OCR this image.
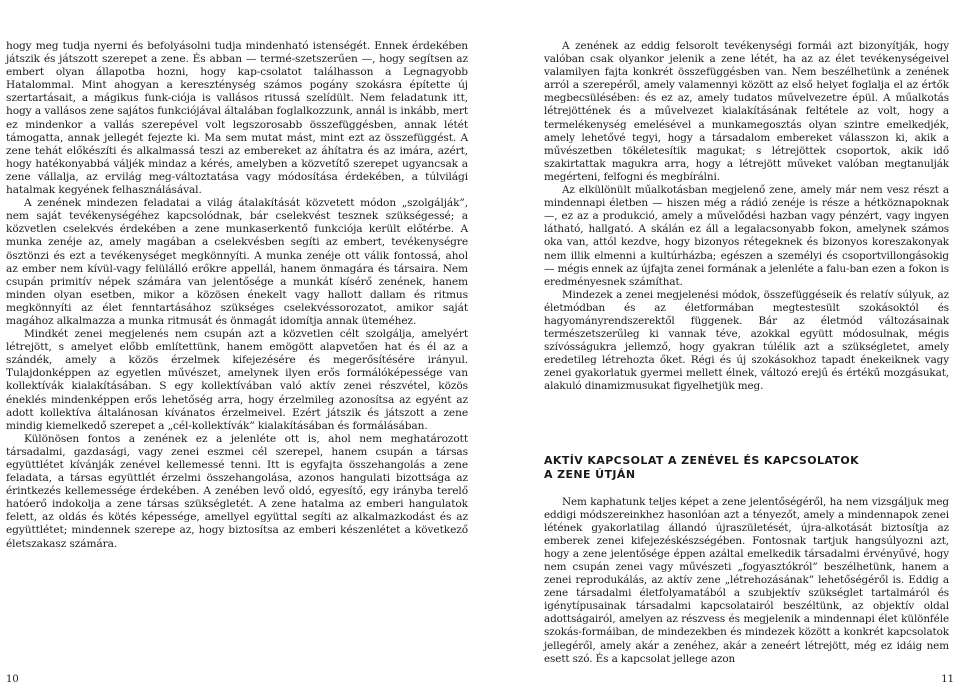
hogy meg tudja nyerni és befolyásolni tudja mindenható istenségét. Ennek érdekében játszik és játszott szerepet a zene. És abban — termé-szetszerűen —, hogy segítsen az embert olyan állapotba hozni, hogy kap-csolatot találhasson a Legnagyobb Hatalommal. Mint ahogyan a kereszténység számos pogány szokásra építette új szertartásait, a mágikus funk-ciója is vallásos ritussá szelídült. Nem feladatunk itt, hogy a vallásos zene sajátos funkciójával általában foglalkozzunk, annál is inkább, mert ez mindenkor a vallás szerepével volt legszorosabb összefüggésben, annak létét támogatta, annak jellegét fejezte ki. Ma sem mutat mást, mint ezt az összefüggést. A zene tehát előkészíti és alkalmassá teszi az embereket az áhítatra és az imára, azért, hogy hatékonyabbá váljék mindaz a kérés, amelyben a közvetítő szerepet ugyancsak a zene vállalja, az ervilág meg-változtatása vagy módosítása érdekében, a túlvilági hatalmak kegyének felhasználásával.

A zenének mindezen feladatai a világ átalakítását közvetett módon „szolgálják”, nem saját tevékenységéhez kapcsolódnak, bár cselekvést tesznek szükségessé; a közvetlen cselekvés érdekében a zene munkaserkentő funkciója került előtérbe. A munka zenéje az, amely magában a cselekvésben segíti az embert, tevékenységre ösztönzi és ezt a tevékenységet megkönnyíti. A munka zenéje ott válik fontossá, ahol az ember nem kívül-vagy felülálló erőkre appellál, hanem önmagára és társaira. Nem csupán primitív népek számára van jelentősége a munkát kísérő zenének, hanem minden olyan esetben, mikor a közösen énekelt vagy hallott dallam és ritmus megkönnyíti az élet fenntartásához szükséges cselekvéssorozatot, amikor saját magához alkalmazza a munka ritmusát és önmagát idomítja annak üteméhez.

Mindkét zenei megjelenés nem csupán azt a közvetlen célt szolgálja, amelyért létrejött, s amelyet előbb említettünk, hanem emögött alapvetően hat és él az a szándék, amely a közös érzelmek kifejezésére és megerősítésére irányul. Tulajdonképpen az egyetlen művészet, amelynek ilyen erős formálóképessége van kollektívák kialakításában. S egy kollektívában való aktív zenei részvétel, közös éneklés mindenképpen erős lehetőség arra, hogy érzelmileg azonosítsa az egyént az adott kollektíva általánosan kívánatos érzelmeivel. Ezért játszik és játszott a zene mindig kiemelkedő szerepet a „cél-kollektívák” kialakításában és formálásában.

Különösen fontos a zenének ez a jelenléte ott is, ahol nem meghatározott társadalmi, gazdasági, vagy zenei eszmei cél szerepel, hanem csupán a társas együttlétet kívánják zenével kellemessé tenni. Itt is egyfajta összehangolás a zene feladata, a társas együttlét érzelmi összehangolása, azonos hangulati bizottsága az érintkezés kellemessége érdekében. A zenében levő oldó, egyesítő, egy irányba terelő hatóerő indokolja a zene társas szükségletét. A zene hatalma az emberi hangulatok felett, az oldás és kötés képessége, amellyel együttal segíti az alkalmazkodást és az együttlétet; mindennek szerepe az, hogy biztosítsa az emberi készenlétet a következő életszakasz számára.

10

A zenének az eddig felsorolt tevékenységi formái azt bizonyítják, hogy valóban csak olyankor jelenik a zene létét, ha az az élet tevékenységeivel valamilyen fajta konkrét összefüggésben van. Nem beszélhetünk a zenének arról a szerepéről, amely valamennyi között az első helyet foglalja el az értők megbecsülésében: és ez az, amely tudatos művelvezetre épül. A műalkotás létrejöttének és a művelvezet kialakításának feltétele az volt, hogy a termelékenység emelésével a munkamegosztás olyan szintre emelkedjék, amely lehetővé tegyi, hogy a társadalom embereket válasszon ki, akik a művészetben tökéletesítik magukat; s létrejöttek csoportok, akik idő szakirtattak magukra arra, hogy a létrejött műveket valóban megtanulják megérteni, felfogni és megbírálni.

Az elkülönült műalkotásban megjelenő zene, amely már nem vesz részt a mindennapi életben — hiszen még a rádió zenéje is része a hétköznapoknak —, ez az a produkció, amely a művelődési hazban vagy pénzért, vagy ingyen látható, hallgató. A skálán ez áll a legalacsonyabb fokon, amelynek számos oka van, attól kezdve, hogy bizonyos rétegeknek és bizonyos koreszakonyak nem illik elmenni a kultúrházba; egészen a személyi és csoportvillongásokig — mégis ennek az újfajta zenei formának a jelenléte a falu-ban ezen a fokon is eredményesnek számíthat.

Mindezek a zenei megjelenési módok, összefüggéseik és relatív súlyuk, az életmódban és az életformában megtestesült szokásoktól és hagyományrendszerektől függenek. Bár az életmód változásainak természetszerűleg ki vannak téve, azokkal együtt módosulnak, mégis szívósságukra jellemző, hogy gyakran túlélik azt a szükségletet, amely eredetileg létrehozta őket. Régi és új szokásokhoz tapadt énekeiknek vagy zenei gyakorlatuk gyermei mellett élnek, változó erejű és értékű mozgásukat, alakuló dinamizmusukat figyelhetjük meg.

AKTÍV KAPCSOLAT A ZENÉVEL ÉS KAPCSOLATOK
A ZENE ÚTJÁN

Nem kaphatunk teljes képet a zene jelentőségéről, ha nem vizsgáljuk meg eddigi módszereinkhez hasonlóan azt a tényezőt, amely a mindennapok zenei létének gyakorlatilag állandó újraszületését, újra-alkotását biztosítja az emberek zenei kifejezéskészségében. Fontosnak tartjuk hangsúlyozni azt, hogy a zene jelentősége éppen azáltal emelkedik társadalmi érvényűvé, hogy nem csupán zenei vagy művészeti „fogyasztókról” beszélhetünk, hanem a zenei reprodukálás, az aktív zene „létrehozásának” lehetőségéről is. Eddig a zene társadalmi életfolyamatából a szubjektív szükséglet tartalmáról és igénytípusainak társadalmi kapcsolatairól beszéltünk, az objektív oldal adottságairól, amelyen az részvess és megjelenik a mindennapi élet különféle szokás-formáiban, de mindezekben és mindezek között a konkrét kapcsolatok jellegéről, amely akár a zenéhez, akár a zeneért létrejött, még ez idáig nem esett szó. És a kapcsolat jellege azon

11
